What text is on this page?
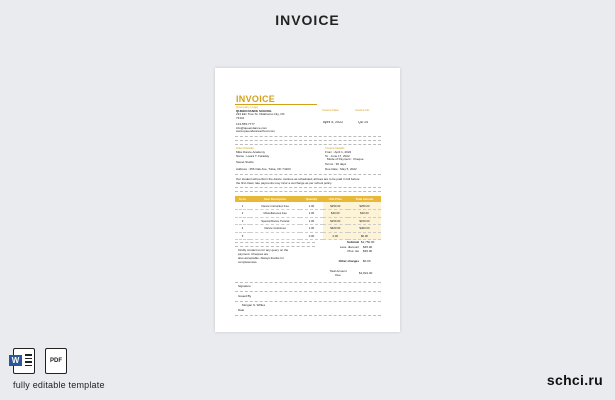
INVOICE
INVOICE
[Company Logo]
QUEEN DANCE SCHOOL
234 Elm Tree St, Oklahoma City, OK
73101
123-555-7777
info@queendance.com
www.queendanceschool.com
Invoice Date	Invoice No.
April 5, 2022	QD 25
Client Details
Mike Dance Academy
Name : Laura T. Faraday
Sweet Studio
Address : 456 Oak Ave, Tulsa, OK 74103
Invoice Details
From : April 1, 2022
To : June 17, 2022
Mode of Payment : Cheque
Terms : 30 days
Due Date : May 5, 2022
Our student will perform the dance routines as scheduled; all fees are to be paid in full before
the first class; late payments may incur a surcharge as per school policy.
Sr.no	Item Description	Quantity	Unit Price	Total Amount
1	Dance Instruction Fee	1.00	$250.00	$250.00
2	Miscellaneous Fee	1.00	$40.00	$40.00
3	Special Dance Tutorial	1.00	$150.00	$150.00
4	Dance Costumes	1.00	$400.00	$400.00
5		0.00	0.00	$0.00
Kindly contact us for any query on the
payment. Cheques are
also acceptable. Always thanks for
completeness.
Subtotal $1,750.00
Less: discount $45.00
Plus: tax $36.00
Other charges $0.00
Total Amount Due	$1,821.00
Signature
Issued By
Morgan S. Willies
Date
W	PDF
fully editable template	schci.ru
